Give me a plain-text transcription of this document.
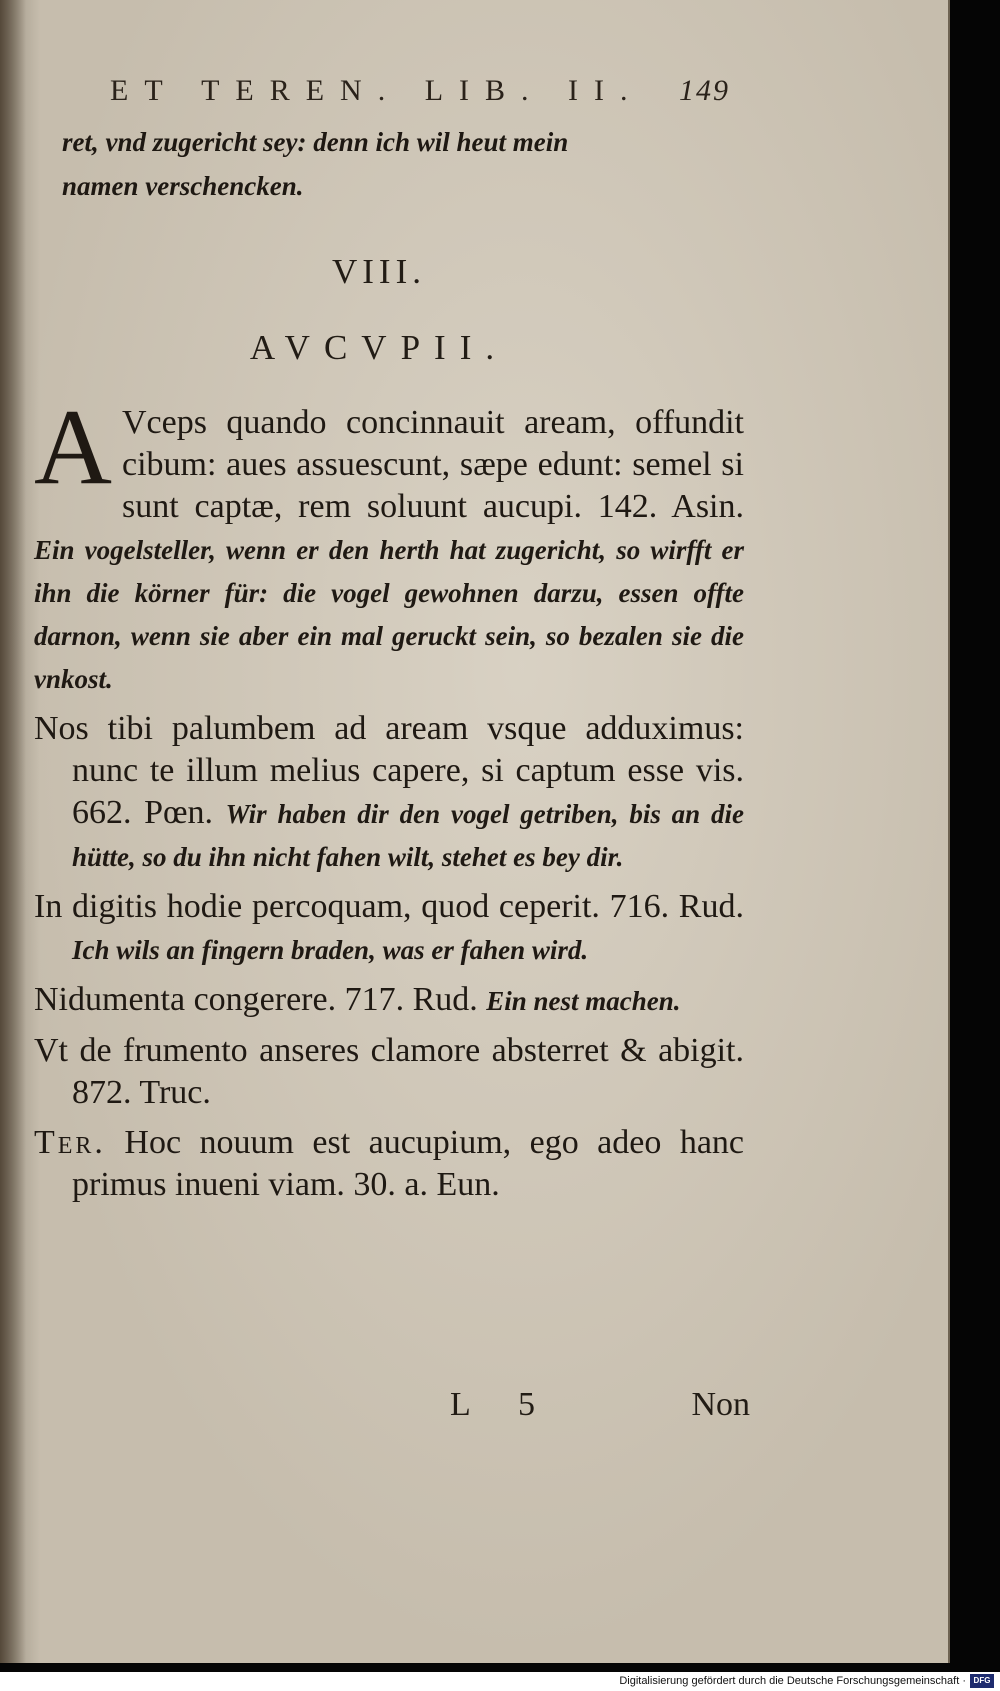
ET TEREN. LIB. II. 149
ret, vnd zugericht sey: denn ich wil heut mein
namen verschencken.
VIII.
AVCVPII.
A Vceps quando concinnauit aream, offundit cibum: aues assuescunt, sæpe edunt: semel si sunt captæ, rem soluunt aucupi. 142. Asin. Ein vogelsteller, wenn er den herth hat zugericht, so wirfft er ihn die körner für: die vogel gewohnen darzu, essen offte darnon, wenn sie aber ein mal geruckt sein, so bezalen sie die vnkost.
Nos tibi palumbem ad aream vsque adduximus: nunc te illum melius capere, si captum esse vis. 662. Pœn. Wir haben dir den vogel getriben, bis an die hütte, so du ihn nicht fahen wilt, stehet es bey dir.
In digitis hodie percoquam, quod ceperit. 716. Rud. Ich wils an fingern braden, was er fahen wird.
Nidumenta congerere. 717. Rud. Ein nest machen.
Vt de frumento anseres clamore absterret & abigit. 872. Truc.
Ter. Hoc nouum est aucupium, ego adeo hanc primus inueni viam. 30. a. Eun.
L 5	Non
Digitalisierung gefördert durch die Deutsche Forschungsgemeinschaft · DFG
